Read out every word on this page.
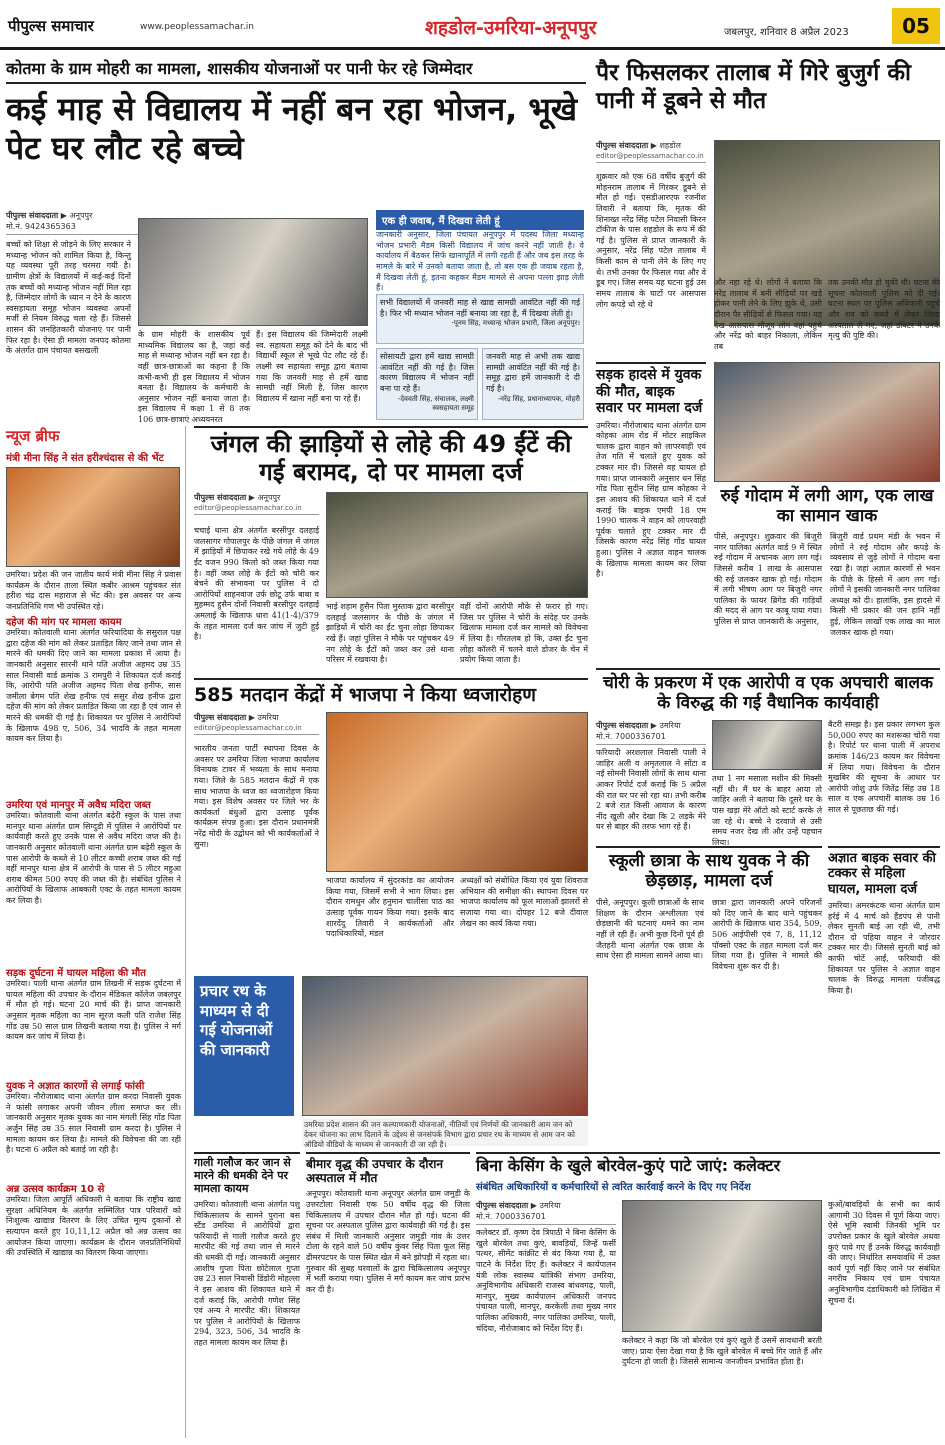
पीपुल्स समाचार	www.peoplessamachar.in	शहडोल-उमरिया-अनूपपुर	जबलपुर, शनिवार 8 अप्रैल 2023	05
कोतमा के ग्राम मोहरी का मामला, शासकीय योजनाओं पर पानी फेर रहे जिम्मेदार
कई माह से विद्यालय में नहीं बन रहा भोजन, भूखे पेट घर लौट रहे बच्चे
पीपुल्स संवाददाता ▶ अनूपपुर
मो.नं. 9424365363
बच्चों को शिक्षा से जोड़ने के लिए सरकार ने मध्यान्ह भोजन को शामिल किया है, किन्तु यह व्यवस्था पूरी तरह चरमरा गयी है। ग्रामीण क्षेत्रों के विद्यालयों में कई-कई दिनों तक बच्चों को मध्यान्ह भोजन नहीं मिल रहा है, जिम्मेदार लोगों के ध्यान न देने के कारण स्वसहायता समूह भोजन व्यवस्था अपनों मर्जी से नियम विरुद्ध चला रहे हैं। जिससे शासन की जनहितकारी योजनाएं पर पानी फिर रहा है। ऐसा ही मामला जनपद कोतमा के अंतर्गत ग्राम पंचायत बसखली
के ग्राम मोहरी के शासकीय पूर्व माध्यमिक विद्यालय का है, जहां कई माह से मध्यान्ह भोजन नहीं बन रहा है। वहीं छात्र-छात्राओं का कहना है कि कभी-कभी ही इस विद्यालय में भोजन बनता है। विद्यालय के कर्मचारी के अनुसार भोजन नहीं बनाया जाता है। इस विद्यालय में कक्षा 1 से 8 तक 106 छात्र-छात्राएं अध्ययनरत
हैं। इस विद्यालय की जिम्मेदारी लक्ष्मी स्व. सहायता समूह को देने के बाद भी विद्यार्थी स्कूल से भूखे पेट लौट रहे हैं। लक्ष्मी स्व सहायता समूह द्वारा बताया गया कि जनवरी माह से हमें खाद्य सामग्री नहीं मिली है, जिस कारण विद्यालय में खाना नहीं बना पा रहे हैं।
एक ही जवाब, मैं दिखवा लेती हूं
जानकारी अनुसार, जिला पंचायत अनूपपुर में पदस्थ जिला मध्यान्ह भोजन प्रभारी मैडम किसी विद्यालय में जांच करने नहीं जाती है। वे कार्यालय में बैठकर सिर्फ खानापूर्ति में लगी रहती हैं और जब इस तरह के मामले के बारे में उनको बताया जाता है, तो बस एक ही जवाब रहता है, मैं दिखवा लेती हूं, इतना कहकर मैडम मामले से अपना पल्ला झाड़ लेती हैं।
सभी विद्यालयों में जनवरी माह से खाद्य सामग्री आवंटित नहीं की गई है। फिर भी मध्यान भोजन नहीं बनाया जा रहा है, मैं दिखवा लेती हूं।
-पूनम सिंह, मध्यान्ह भोजन प्रभारी, जिला अनूपपुर।
सोसायटी द्वारा हमें खाद्य सामग्री आवंटित नहीं की गई है। जिस कारण विद्यालय में भोजन नहीं बना पा रहे हैं।
-देववती सिंह, संचालक, लक्ष्मी स्वसहायता समूह
जनवरी माह से अभी तक खाद्य सामग्री आवंटित नहीं की गई है। समूह द्वारा हमें जानकारी दे दी गई है।
-नरेंद्र सिंह, प्रधानाध्यापक, मोहरी
पैर फिसलकर तालाब में गिरे बुजुर्ग की पानी में डूबने से मौत
पीपुल्स संवाददाता ▶ शहडोल
editor@peoplessamachar.co.in
शुक्रवार को एक 68 वर्षीय बुजुर्ग की मोहनराम तालाब में गिरकर डूबने से मौत हो गई। एसडीआरएफ रजनीश तिवारी ने बताया कि, मृतक की शिनाख्त नरेंद्र सिंह पटेल निवासी किरन टॉकीज के पास शहडोल के रूप में की गई है। पुलिस से प्राप्त जानकारी के अनुसार, नरेंद्र सिंह पटेल तालाब में किसी काम से पानी लेने के लिए गए थे। तभी उनका पैर फिसल गया और वे डूब गए। जिस समय यह घटना हुई उस समय तालाब के घाटों पर आसपास लोग कपड़े धो रहे थे
और नहा रहे थे। लोगों ने बताया कि नरेंद्र तालाब में बनी सीढ़ियों पर खड़े होकर पानी लेने के लिए झुके थे, उसी दौरान पैर सीढ़ियों से फिसल गया। यह देख आसपास मौजूद लोग वहां पहुंचे और नरेंद्र को बाहर निकाला, लेकिन तब
तक उनकी मौत हो चुकी थी। घटना की सूचना कोतवाली पुलिस को दी गई। घटना स्थल पर पुलिस अधिकारी पहुंचे और शव को कब्जे में लेकर जिला अस्पताल ले गए, जहां डॉक्टर ने उनके मृत्यु की पुष्टि की।
सड़क हादसे में युवक की मौत, बाइक सवार पर मामला दर्ज
उमरिया। नौरोजाबाद थाना अंतर्गत ग्राम कोहका आम रोड में मोटर साइकिल चालक द्वारा वाहन को लापरवाही एवं तेज गति में चलाते हुए युवक को टक्कर मार दी। जिससे वह घायल हो गया। प्राप्त जानकारी अनुसार धन सिंह गोंड पिता सुदीन सिंह ग्राम कोहका ने इस आशय की शिकायत थाने में दर्ज कराई कि बाइक एमपी 18 एम 1990 चालक ने वाहन को लापरवाही पूर्वक चलाते हुए टक्कर मार दी जिसके कारण नरेंद्र सिंह गोंड घायल हुआ। पुलिस ने अज्ञात वाहन चालक के खिलाफ मामला कायम कर लिया है।
रुई गोदाम में लगी आग, एक लाख का सामान खाक
पीसे, अनूपपुर। शुक्रवार की बिजुरी नगर पालिका अंतर्गत वार्ड 9 में स्थित रुई गोदाम में अचानक आग लग गई। जिससे करीब 1 लाख के आसपास की रुई जलकर खाक हो गई। गोदाम में लगी भीषण आग पर बिजुरी नगर पालिका के फायर ब्रिगेड की गाड़ियों की मदद से आग पर काबू पाया गया। पुलिस से प्राप्त जानकारी के अनुसार,
बिजुरी वार्ड प्रथम मंडी के भवन में लोगों ने रुई गोदाम और कपड़े के व्यवसाय से जुड़े लोगों ने गोदाम बना रखा है। जहां अज्ञात कारणों से भवन के पीछे के हिस्से में आग लग गई। लोगों ने इसकी जानकारी नगर पालिका अध्यक्ष को दी। हालांकि, इस हादसे में किसी भी प्रकार की जन हानि नहीं हुई, लेकिन लाखों एक लाख का माल जलकर खाक हो गया।
न्यूज ब्रीफ
मंत्री मीना सिंह ने संत हरीश्चंदास से की भेंट
उमरिया। प्रदेश की जन जातीय कार्य मंत्री मीना सिंह ने प्रवास कार्यक्रम के दौरान ताला स्थित कबीर आश्रम पहुंचकर संत हरीश चंद्र दास महाराज से भेंट की। इस अवसर पर अन्य जनप्रतिनिधि गण भी उपस्थित रहे।
दहेज की मांग पर मामला कायम
उमरिया। कोतवाली थाना अंतर्गत फरियादिया के ससुराल पक्ष द्वारा दहेज की मांग को लेकर प्रताड़ित किए जाने तथा जान से मारने की धमकी दिए जाने का मामला प्रकाश में आया है। जानकारी अनुसार सारनी थाने पति अजीज अहमद उम्र 35 साल निवासी वार्ड क्रमांक 3 रामपुरी ने शिकायत दर्ज कराई कि, आरोपी पति अजीज अहमद पिता शेख हनीफ, सास जमीला बेगम पति शेख हनीफ एवं ससुर शेख हनीफ द्वारा दहेज की मांग को लेकर प्रताड़ित किया जा रहा है एवं जान से मारने की धमकी दी गई है। शिकायत पर पुलिस ने आरोपियों के खिलाफ 498 ए, 506, 34 भादवि के तहत मामला कायम कर लिया है।
उमरिया एवं मानपुर में अवैध मदिरा जब्त
उमरिया। कोतवाली थाना अंतर्गत बढ़ेरी स्कूल के पास तथा मानपुर थाना अंतर्गत ग्राम सिग्दुडी में पुलिस ने आरोपियों पर कार्यवाही करते हुए उनके पास से अवैध मदिरा जप्त की है। जानकारी अनुसार कोतवाली थाना अंतर्गत ग्राम बढ़ेरी स्कूल के पास आरोपी के कब्जे से 10 लीटर कच्ची शराब जब्त की गई वहीं मानपुर थाना क्षेत्र में आरोपी के पास से 5 लीटर महुआ शराब कीमत 500 रुपए की जब्त की है। संबंधित पुलिस ने आरोपियों के खिलाफ आबकारी एक्ट के तहत मामला कायम कर लिया है।
सड़क दुर्घटना में घायल महिला की मौत
उमरिया। पाली थाना अंतर्गत ग्राम तिखनी में सड़क दुर्घटना में घायल महिला की उपचार के दौरान मेडिकल कॉलेज जबलपुर में मौत हो गई। घटना 20 मार्च की है। प्राप्त जानकारी अनुसार मृतक महिला का नाम सूरज कली पति राजेश सिंह गोंड उम्र 50 साल ग्राम तिखनी बताया गया है। पुलिस ने मर्ग कायम कर जांच में लिया है।
युवक ने अज्ञात कारणों से लगाई फांसी
उमरिया। नौरोजाबाद थाना अंतर्गत ग्राम करदा निवासी युवक ने फांसी लगाकर अपनी जीवन लीला समाप्त कर ली। जानकारी अनुसार मृतक युवक का नाम मंगली सिंह गोंड पिता अर्जुन सिंह उम्र 35 साल निवासी ग्राम करदा है। पुलिस ने मामला कायम कर लिया है। मामले की विवेचना की जा रही है। घटना 6 अप्रैल को बताई जा रही है।
अन्न उत्सव कार्यक्रम 10 से
उमरिया। जिला आपूर्ति अधिकारी ने बताया कि राष्ट्रीय खाद्य सुरक्षा अधिनियम के अंतर्गत सम्मिलित पात्र परिवारों को निःशुल्क खाद्यान्न वितरण के लिए उचित मूल्य दुकानों से सत्यापन करते हुए 10,11,12 अप्रैल को अन्न उत्सव का आयोजन किया जाएगा। कार्यक्रम के दौरान जनप्रतिनिधियों की उपस्थिति में खाद्यान्न का वितरण किया जाएगा।
जंगल की झाड़ियों से लोहे की 49 ईंटें की गई बरामद, दो पर मामला दर्ज
पीपुल्स संवाददाता ▶ अनूपपुर
editor@peoplessamachar.co.in
चचाई थाना क्षेत्र अंतर्गत बरसीपुर दलहाई जलसागर गोपालपुर के पीछे जंगल में जंगल में झाड़ियों में छिपाकर रखे गये लोहे के 49 ईंट वजन 990 किलो को जब्त किया गया है। वहीं जब्त लोहे के ईंटों को चोरी कर बेचने की संभावना पर पुलिस ने दो आरोपियों शाहनवाज उर्फ छोटू उर्फ बाबा व मुहम्मद हुसैन दोनों निवासी बरसीपुर दलहाई अमलाई के खिलाफ धारा 41(1-4)/379 के तहत मामला दर्ज कर जांच में जुटी हुई है।
भाई शहाम हुसैन पिता मुस्ताक द्वारा बरसीपुर दलहाई जलसागर के पीछे के जंगल में झाड़ियों में चोरी का ईंट चुना लोहा छिपाकर रखे हैं। जहां पुलिस ने मौके पर पहुंचकर 49 नग लोहे के ईंटों को जब्त कर उसे थाना परिसर में रखवाया है।
वहीं दोनों आरोपी मौके से फरार हो गए। जिस पर पुलिस ने चोरी के संदेह पर उनके खिलाफ मामला दर्ज कर मामले को विवेचना में लिया है। गौरतलब हो कि, उक्त ईंट चुना लोहा कॉलरी में चलने वाले डोजर के चेन में प्रयोग किया जाता है।
585 मतदान केंद्रों में भाजपा ने किया ध्वजारोहण
पीपुल्स संवाददाता ▶ उमरिया
editor@peoplessamachar.co.in
भारतीय जनता पार्टी स्थापना दिवस के अवसर पर उमरिया जिला भाजपा कार्यालय विनायक टावर में भव्यता के साथ मनाया गया। जिले के 585 मतदान केंद्रों में एक साथ भाजपा के ध्वज का ध्वजारोहण किया गया। इस विशेष अवसर पर जिले भर के कार्यकर्ता बंधुओं द्वारा उत्साह पूर्वक कार्यक्रम संपन्न हुआ। इस दौरान प्रधानमंत्री नरेंद्र मोदी के उद्बोधन को भी कार्यकर्ताओं ने सुना।
भाजपा कार्यालय में सुंदरकांड का आयोजन किया गया, जिसमें सभी ने भाग लिया। इस दौरान रामधुन और हनुमान चालीसा पाठ का उत्साह पूर्वक गायन किया गया। इसके बाद शारदेंदु तिवारी ने कार्यकर्ताओं और पदाधिकारियों, मंडल
अध्यक्षों को संबोधित किया एवं युवा शिवराज अभियान की समीक्षा की। स्थापना दिवस पर भाजपा कार्यालय को फूल मालाओं झालरों से सजाया गया था। दोपहर 12 बजे दीवाल लेखन का कार्य किया गया।
चोरी के प्रकरण में एक आरोपी व एक अपचारी बालक के विरुद्ध की गई वैधानिक कार्यवाही
पीपुल्स संवाददाता ▶ उमरिया
मो.नं. 7000336701
फरियादी अरशलाल निवासी पाली ने जाहिर अली व अमृतलाल ने सोंटा व नई सोमनी निवासी लोगों के साथ थाना आकर रिपोर्ट दर्ज कराई कि 5 अप्रैल की रात घर पर सो रहा था। तभी करीब 2 बजे रात किसी आवाज के कारण नींद खुली और देखा कि 2 लड़के मेरे घर से बाहर की तरफ भाग रहे हैं।
तथा 1 नग मसाला मशीन की मिक्सी नहीं थी। मैं घर के बाहर आया तो जाहिर अली ने बताया कि दूसरे घर के पास खड़ा मेरे ऑटो को स्टार्ट करके ले जा रहे थे। बच्चे ने दरवाजे से उसी समय नजर देख ली और उन्हें पहचान लिया।
बैटरी समझ है। इस प्रकार लगभग कुल 50,000 रुपए का मशरूका चोरी गया है। रिपोर्ट पर थाना पाली में अपराध क्रमांक 146/23 कायम कर विवेचना में लिया गया। विवेचना के दौरान मुखबिर की सूचना के आधार पर आरोपी जोशु उर्फ जितेंद्र सिंह उम्र 18 साल व एक अपचारी बालक उम्र 16 साल से पूछताछ की गई।
स्कूली छात्रा के साथ युवक ने की छेड़छाड़, मामला दर्ज
पीसे, अनूपपुर। कूली छात्राओं के साथ शिक्षण के दौरान अश्लीलता एवं छेड़छानी की घटनाएं थमने का नाम नहीं ले रही हैं। अभी कुछ दिनों पूर्व ही जैतहरी थाना अंतर्गत एक छात्रा के साथ ऐसा ही मामला सामने आया था।
छात्रा द्वारा जानकारी अपने परिजनों को दिए जाने के बाद थाने पहुंचकर आरोपी के खिलाफ धारा 354, 509, 506 आईपीसी एवं 7, 8, 11,12 पॉक्सो एक्ट के तहत मामला दर्ज कर लिया गया है। पुलिस ने मामले की विवेचना शुरू कर दी है।
अज्ञात बाइक सवार की टक्कर से महिला घायल, मामला दर्ज
उमरिया। अमरकंटक थाना अंतर्गत ग्राम हर्रई में 4 मार्च को हैंडपंप से पानी लेकर सुनती बाई आ रही थी, तभी दौरान दो पहिया वाहन ने जोरदार टक्कर मार दी। जिससे सुनती बाई को काफी चोटें आईं, फरियादी की शिकायत पर पुलिस ने अज्ञात वाहन चालक के विरुद्ध मामला पंजीबद्ध किया है।
प्रचार रथ के माध्यम से दी गई योजनाओं की जानकारी
उमरिया प्रदेश शासन की जन कल्याणकारी योजनाओं, नीतियों एवं निर्णयों की जानकारी आम जन को देकर योजना का लाभ दिलाने के उद्देश्य से जनसंपर्क विभाग द्वारा प्रचार रथ के माध्यम से आम जन को ऑडियो वीडियो के माध्यम से जानकारी दी जा रही है।
गाली गलौज कर जान से मारने की धमकी देने पर मामला कायम
उमरिया। कोतवाली थाना अंतर्गत पशु चिकित्सालय के सामने पुराना बस स्टैंड उमरिया में आरोपियों द्वारा फरियादी से गाली गलौज करते हुए मारपीट की गई तथा जान से मारने की धमकी दी गई। जानकारी अनुसार आशीष गुप्ता पिता छोटेलाल गुप्ता उम्र 23 साल निवासी डिंडोरी मोहल्ला ने इस आशय की शिकायत थाने में दर्ज कराई कि, आरोपी गणेश सिंह एवं अन्य ने मारपीट की। शिकायत पर पुलिस ने आरोपियों के खिलाफ 294, 323, 506, 34 भादवि के तहत मामला कायम कर लिया है।
बीमार वृद्ध की उपचार के दौरान अस्पताल में मौत
अनूपपुर। कोतवाली थाना अनूपपुर अंतर्गत ग्राम जमुड़ी के उत्तरटोला निवासी एक 50 वर्षीय वृद्ध की जिला चिकित्सालय में उपचार दौरान मौत हो गई। घटना की सूचना पर अस्पताल पुलिस द्वारा कार्यवाही की गई है। इस संबंध में मिली जानकारी अनुसार जमुड़ी गांव के उत्तर टोला के रहने वाले 50 वर्षीय कुंवर सिंह पिता फूल सिंह ढीमरपटपर के पास स्थित खेत में बने झोपड़ी में रहता था। गुरुवार की सुबह घरवालों के द्वारा चिकित्सालय अनूपपुर में भर्ती कराया गया। पुलिस ने मर्ग कायम कर जांच प्रारंभ कर दी है।
बिना केसिंग के खुले बोरवेल-कुएं पाटे जाएं: कलेक्टर
संबंधित अधिकारियों व कर्मचारियों से त्वरित कार्रवाई करने के दिए गए निर्देश
पीपुल्स संवाददाता ▶ उमरिया
मो.नं. 7000336701
कलेक्टर डॉ. कृष्ण देव त्रिपाठी ने बिना केसिंग के खुले बोरवेल तथा कुएं, बावड़ियों, जिन्हें फर्सी पत्थर, सीमेंट कांक्रीट से बंद किया गया है, या पाटने के निर्देश दिए हैं। कलेक्टर ने कार्यपालन यंत्री लोक स्वास्थ्य यांत्रिकी संभाग उमरिया, अनुविभागीय अधिकारी राजस्व बांधवगढ़, पाली, मानपुर, मुख्य कार्यपालन अधिकारी जनपद पंचायत पाली, मानपुर, करकेली तथा मुख्य नगर पालिका अधिकारी, नगर पालिका उमरिया, पाली, चंदिया, नौरोजाबाद को निर्देश दिए हैं।
कलेक्टर ने कहा कि जो बोरवेल एवं कुएं खुले हैं उसमें सावधानी बरती जाए। प्रायः ऐसा देखा गया है कि खुले बोरवेल में बच्चे गिर जाते हैं और दुर्घटना हो जाती है। जिससे सामान्य जनजीवन प्रभावित होता है।
कुओं/बावड़ियों के सभी का कार्य आगामी 30 दिवस में पूर्ण किया जाए। ऐसे भूमि स्वामी जिनकी भूमि पर उपरोक्त प्रकार के खुले बोरवेल अथवा कुएं पाये गए हैं उनके विरुद्ध कार्यवाही की जाए। निर्धारित समयावधि में उक्त कार्य पूर्ण नहीं किए जाने पर संबंधित नगरीय निकाय एवं ग्राम पंचायत अनुविभागीय दंडाधिकारी को लिखित में सूचना दें।
